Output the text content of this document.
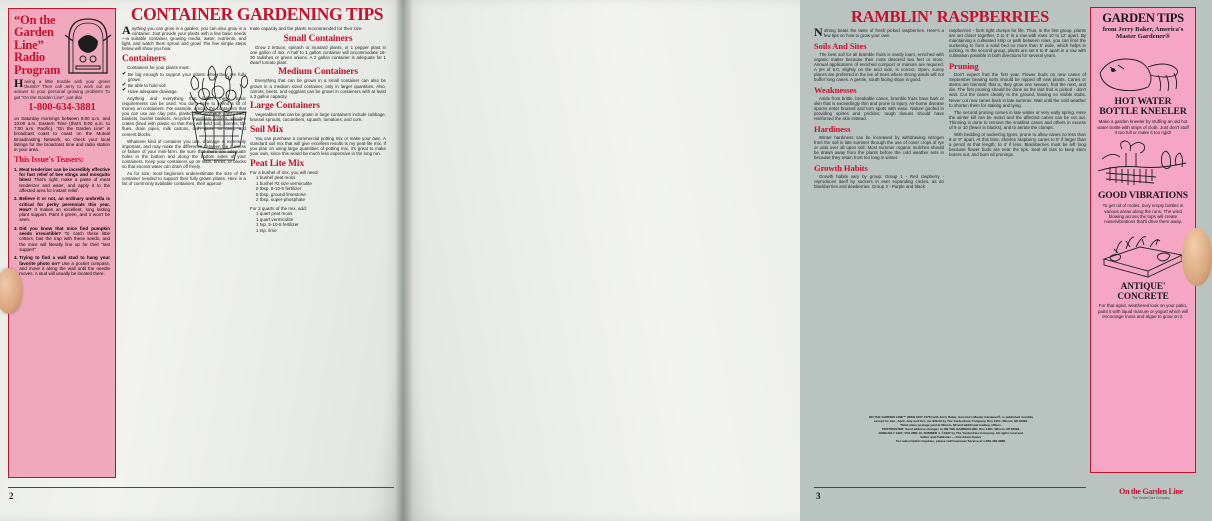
“On the Garden Line” Radio Program
Having a little trouble with your green thumb? Then call Jerry to work out an answer to your personal growing problem! To get “On the Garden Line”, just dial
1-800-634-3881
on Saturday mornings between 8:00 a.m. and 10:00 a.m. Eastern Time (that's 5:00 a.m. to 7:00 a.m. Pacific). “On the Garden Line” is broadcast coast to coast on the Mutual Broadcasting Network, so check your local listings for the broadcast time and radio station in your area.
This Issue's Teasers:
1. Meat tenderizer can be incredibly effective for fast relief of bee stings and mosquito bites! That's right; make a paste of meat tenderizer and water, and apply it to the affected area for instant relief.
2. Believe it or not, an ordinary umbrella is critical for perky perennials this year. How? It makes an excellent, long lasting plant support. Paint it green, and it won't be seen.
3. Did you know that mice find pumpkin seeds irresistible? To catch these little critters, bait the trap with these seeds, and the mice will literally line up for their “last supper!”
4. Trying to find a wall stud to hang your favorite photo on? Use a pocket compass, and move it along the wall until the needle moves. A stud will usually be located there.
CONTAINER GARDENING TIPS

Anything you can grow in a garden, you can also grow in a container. Just provide your plants with a few basic needs—a suitable container, growing media, water, nutrients, and light, and watch them sprout and grow! The few simple steps below will show you how.

Containers

Containers for your plants must:

✔ Be big enough to support your plants when they are fully grown.
✔ Be able to hold soil.
✔ Have adequate drainage.

Anything and everything that fulfills these basic requirements can be used. You don't have to spend a lot of money on containers. For example, among the containers that you can use are clay pots, plastic pots, garbage cans, wash baskets, bushel baskets, recycled styrofoam coolers, wooden crates (lined with plastic so that they will hold soil), barrels, tile flues, drain pipes, milk cartons, dish pans, tin cans, and cement blocks.

Whatever kind of container you use, drainage is extremely important, and may make the difference between the success or failure of your mini-farm. Be sure that there are adequate holes in the bottom and along the bottom sides of your containers. Keep your containers up on slats, bricks, or blocks so that excess water can drain off freely.

As for size, most beginners underestimate the size of the container needed to support their fully grown plants. Here is a list of commonly available containers, their approxi-

mate capacity and the plants recommended for their size.

Small Containers

Grow 2 lettuce, spinach or mustard plants, or 1 pepper plant in one gallon of mix. A half to 1 gallon container will accommodate 16-30 radishes or green onions. A 2 gallon container is adequate for 1 dwarf tomato plant.

Medium Containers

Everything that can be grown in a small container can also be grown in a medium sized container, only in larger quantities. Also, carrots, beets, and eggplant can be grown in containers with at least a 3 gallon capacity.

Large Containers

Vegetables that can be grown in large containers include cabbage, brussel sprouts, cucumbers, squash, tomatoes, and corn.

Soil Mix

You can purchase a commercial potting mix or make your own. A standard soil mix that will give excellent results is my peat-lite mix. If you plan on using large quantities of potting mix, it's great to make your own, since this would be much less expensive in the long run.

Peat Lite Mix
For a bushel of mix, you will need:
1 bushel peat moss
1 bushel #2 size vermiculite
8 tbsp. 5-10-5 fertilizer
5 tbsp. ground limestone
2 tbsp. super-phosphate
For 2 quarts of the mix, add:
1 quart peat moss
1 quart vermiculite
1 tsp. 5-10-5 fertilizer
1 tsp. lime
2
RAMBLIN' RASPBERRIES

Nothing beats the taste of fresh picked raspberries. Here's a few tips on how to grow your own.

Soils And Sites

The best soil for all bramble fruits is sandy loam, enriched with organic matter because their roots descend two feet or more. Annual applications of enriched compost or manure are required. A pH of 6.0, slightly on the acid side, is correct. Open, sunny places are preferred in the lee of trees where strong winds will not buffer long canes. A gentle, south facing slope is good.

Weaknesses

Aside from brittle, breakable canes, bramble fruits have bark or skin that is exceedingly thin and prone to injury. Air-borne disease spores enter bruised and torn spots with ease. Nature goofed in providing spines and prickles; tough tissues should have reinforced the skin instead.

Hardiness

Winter hardiness can be increased by withdrawing nitrogen from the soil in late summer through the use of cover crops of rye or oats over all open soil. Most summer organic mulches should be drawn away from the plants before the cold weather sets in because they retain frost too long in winter.

Growth Habits

Growth habits vary by group: Group 1 - Red raspberry - reproduces itself by suckers in ever expanding circles, as do blackberries and dewberries. Group 2 - Purple and black

raspberries - form tight clumps for life. Thus, in the first group, plants are set closer together, 2 to 4' in a row with rows 10 to 12' apart. By maintaining a cultivated strip or path between rows, you can limit the suckering to form a solid bed no more than 5' wide, which helps in picking. In the second group, plants are set 6 to 8' apart in a row with cultivation possible in both directions for several years.

Pruning

Don't expect fruit the first year. Flower buds on new canes of September bearing sorts should be nipped off new plants. Canes or stems are biennial; that is, they grow one season, fruit the next, and die. The first pruning should be done as the last fruit is picked - don't wait. Cut the canes cleanly to the ground, leaving no visible stubs. Never cut new canes back in late summer. Wait until the cold weather to shorten them for staking and tying.

The second pruning comes in late winter or very early spring. Here the winter kill can be noted and the affected canes can be cut out. Thinning is done to remove the smallest canes and others in excess of 9 or 10 (fewer in blacks), and to aerate the clumps.

With bedding or suckering types, prune to allow canes no less than 8 or 9" apart. At this time, shorten raspberry canes to 5' if larger than a pencil at that length; to 4' if less. Blackberries must be left long because flower buds are near the tips. Seal all cuts to keep stem borers out, and burn all prunings.

ON THE GARDEN LINE™ (ISSN 1067-7275) with Jerry Baker, America's Master Gardener®, is published monthly
except for Jan., April, July and Oct., for $29.00 by The YardenCare Company, Box 1001, Wixom, MI 48393.
Third-class postage paid at Wixom, MI and additional mailing offices.
POSTMASTER: Send address changes to ON THE GARDEN LINE, Box 1001, Wixom, MI 48393.
JUNE/JULY 1997, VOLUME 10, NUMBER 4. ©1997 by The YardenCare Company. All rights reserved.
Editor and Publisher — Kim Adam Gasior
For subscription inquiries, please call Customer Service at 1-800-336-3885.
GARDEN TIPS
from Jerry Baker, America's Master Gardener®
HOT WATER BOTTLE KNEELER
Make a garden kneeler by stuffing an old hot water bottle with strips of cloth. Just don't stuff it too full or make it too rigid!
GOOD VIBRATIONS
To get rid of moles, bury empty bottles in various areas along the runs. The wind blowing across the tops will create noise/vibrations that'll drive them away.
ANTIQUE' CONCRETE
For that aged, weathered look on your patio, paint it with liquid manure or yogurt which will encourage moss and algae to grow on it.
3	On the Garden Line
The YardenCare Company
